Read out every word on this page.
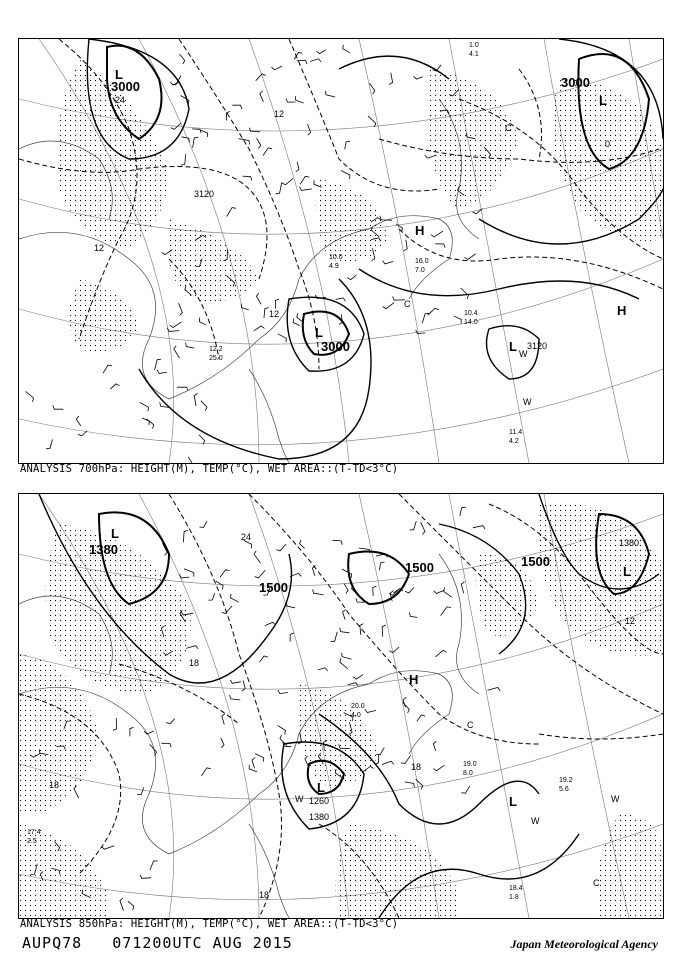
3000
3000
3000
3120
3120
24
12
12
12
0
L
L
L
L
H
H
C
C
W
W
11.4
4.2
10.4
14.0
12.2
25.0
10.0
4.9
16.0
7.0
1.0
4.1
ANALYSIS 700hPa: HEIGHT(M), TEMP(°C), WET AREA::(T-TD<3°C)
1380
1380
1380
1500
1500
1500
1260
24
18
18
18
18
12
L
L
L
L
H
C
C
W
W
W
19.0
8.0
19.2
5.6
18.4
1.8
20.0
4.0
17.4
2.5
ANALYSIS 850hPa: HEIGHT(M), TEMP(°C), WET AREA::(T-TD<3°C)
AUPQ78 071200UTC AUG 2015	Japan Meteorological Agency
